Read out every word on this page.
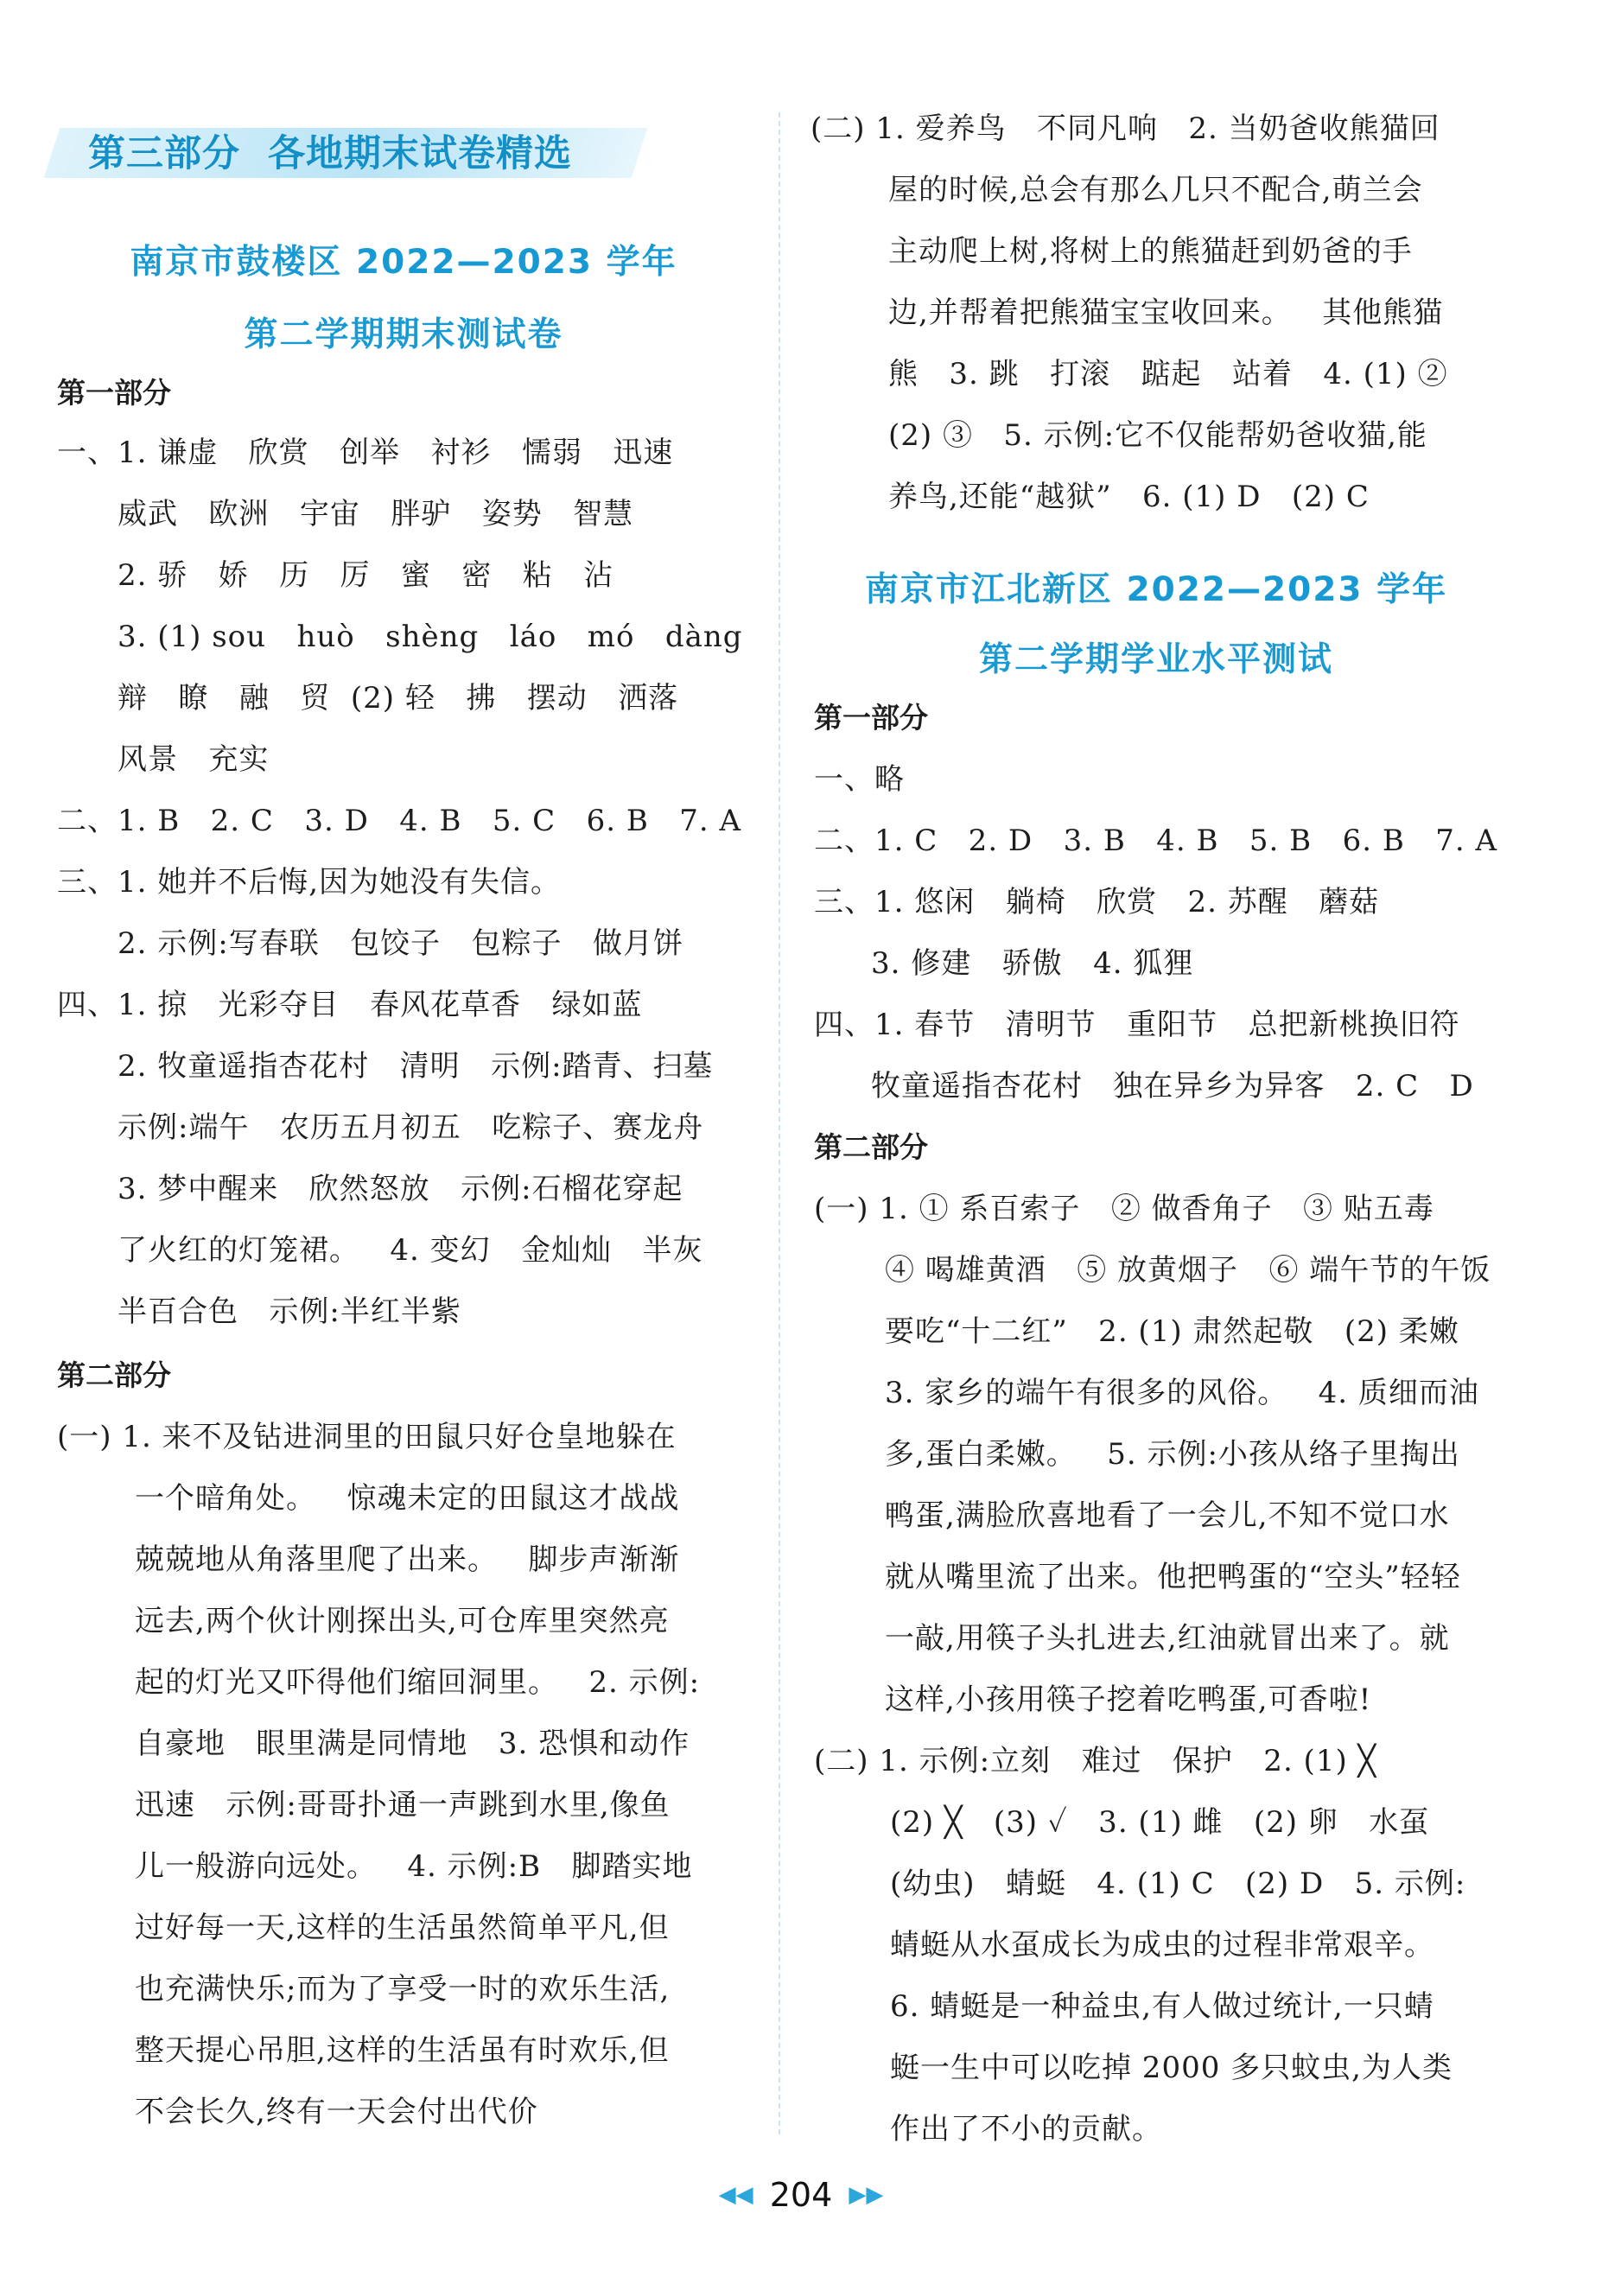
第三部分  各地期末试卷精选
南京市鼓楼区 2022—2023 学年
第二学期期末测试卷
第一部分
一、1. 谦虚   欣赏   创举   衬衫   懦弱   迅速
威武   欧洲   宇宙   胖驴   姿势   智慧
2. 骄   娇   历   厉   蜜   密   粘   沾
3. (1) sou   huò   shèng   láo   mó   dàng
辩   瞭   融   贸  (2) 轻   拂   摆动   洒落
风景   充实
二、1. B   2. C   3. D   4. B   5. C   6. B   7. A
三、1. 她并不后悔,因为她没有失信。
2. 示例:写春联   包饺子   包粽子   做月饼
四、1. 掠   光彩夺目   春风花草香   绿如蓝
2. 牧童遥指杏花村   清明   示例:踏青、扫墓
示例:端午   农历五月初五   吃粽子、赛龙舟
3. 梦中醒来   欣然怒放   示例:石榴花穿起
了火红的灯笼裙。   4. 变幻   金灿灿   半灰
半百合色   示例:半红半紫
第二部分
(一) 1. 来不及钻进洞里的田鼠只好仓皇地躲在
一个暗角处。   惊魂未定的田鼠这才战战
兢兢地从角落里爬了出来。   脚步声渐渐
远去,两个伙计刚探出头,可仓库里突然亮
起的灯光又吓得他们缩回洞里。   2. 示例:
自豪地   眼里满是同情地   3. 恐惧和动作
迅速   示例:哥哥扑通一声跳到水里,像鱼
儿一般游向远处。   4. 示例:B   脚踏实地
过好每一天,这样的生活虽然简单平凡,但
也充满快乐;而为了享受一时的欢乐生活,
整天提心吊胆,这样的生活虽有时欢乐,但
不会长久,终有一天会付出代价
(二) 1. 爱养鸟   不同凡响   2. 当奶爸收熊猫回
屋的时候,总会有那么几只不配合,萌兰会
主动爬上树,将树上的熊猫赶到奶爸的手
边,并帮着把熊猫宝宝收回来。   其他熊猫
熊   3. 跳   打滚   踮起   站着   4. (1) ②
(2) ③   5. 示例:它不仅能帮奶爸收猫,能
养鸟,还能“越狱”   6. (1) D   (2) C
南京市江北新区 2022—2023 学年
第二学期学业水平测试
第一部分
一、略
二、1. C   2. D   3. B   4. B   5. B   6. B   7. A
三、1. 悠闲   躺椅   欣赏   2. 苏醒   蘑菇
3. 修建   骄傲   4. 狐狸
四、1. 春节   清明节   重阳节   总把新桃换旧符
牧童遥指杏花村   独在异乡为异客   2. C   D
第二部分
(一) 1. ① 系百索子   ② 做香角子   ③ 贴五毒
④ 喝雄黄酒   ⑤ 放黄烟子   ⑥ 端午节的午饭
要吃“十二红”   2. (1) 肃然起敬   (2) 柔嫩
3. 家乡的端午有很多的风俗。   4. 质细而油
多,蛋白柔嫩。   5. 示例:小孩从络子里掏出
鸭蛋,满脸欣喜地看了一会儿,不知不觉口水
就从嘴里流了出来。他把鸭蛋的“空头”轻轻
一敲,用筷子头扎进去,红油就冒出来了。就
这样,小孩用筷子挖着吃鸭蛋,可香啦!
(二) 1. 示例:立刻   难过   保护   2. (1) ╳
(2) ╳   (3) ✓   3. (1) 雌   (2) 卵   水虿
(幼虫)   蜻蜓   4. (1) C   (2) D   5. 示例:
蜻蜓从水虿成长为成虫的过程非常艰辛。
6. 蜻蜓是一种益虫,有人做过统计,一只蜻
蜓一生中可以吃掉 2000 多只蚊虫,为人类
作出了不小的贡献。
◀◀ 204 ▶▶
